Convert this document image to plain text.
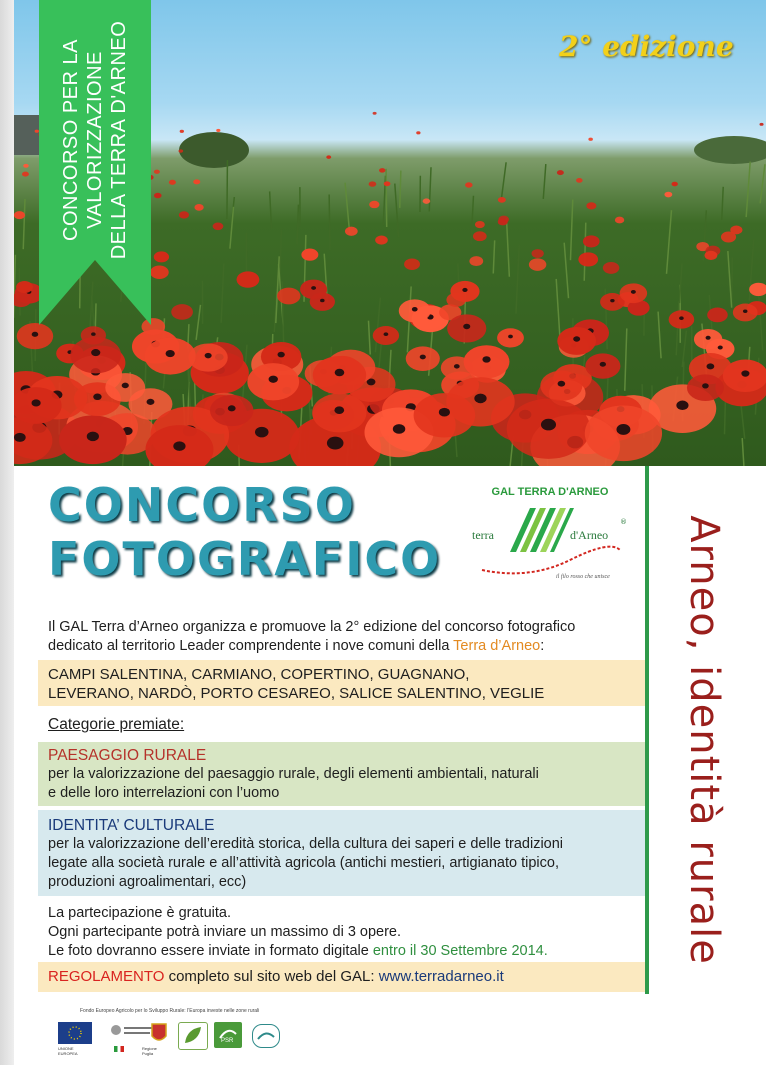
2° edizione
CONCORSO PER LA VALORIZZAZIONE DELLA TERRA D'ARNEO
CONCORSO
FOTOGRAFICO
GAL TERRA D'ARNEO
terra	d'Arneo
®
il filo rosso che unisce Arneo, identità rurale
Il GAL Terra d’Arneo organizza e promuove la 2° edizione del concorso fotografico
dedicato al territorio Leader comprendente i nove comuni della Terra d’Arneo:
CAMPI SALENTINA, CARMIANO, COPERTINO, GUAGNANO,
LEVERANO, NARDÒ, PORTO CESAREO, SALICE SALENTINO, VEGLIE
Categorie premiate:
PAESAGGIO RURALE
per la valorizzazione del paesaggio rurale, degli elementi ambientali, naturali
e delle loro interrelazioni con l’uomo
IDENTITA’ CULTURALE
per la valorizzazione dell’eredità storica, della cultura dei saperi e delle tradizioni
legate alla società rurale e all’attività agricola (antichi mestieri, artigianato tipico,
produzioni agroalimentari, ecc)
La partecipazione è gratuita.
Ogni partecipante potrà inviare un massimo di 3 opere.
Le foto dovranno essere inviate in formato digitale entro il 30 Settembre 2014.
REGOLAMENTO completo sul sito web del GAL: www.terradarneo.it
Fondo Europeo Agricolo per lo Sviluppo Rurale: l’Europa investe nelle zone rurali
UNIONE EUROPEA
Regione Puglia
PSR
